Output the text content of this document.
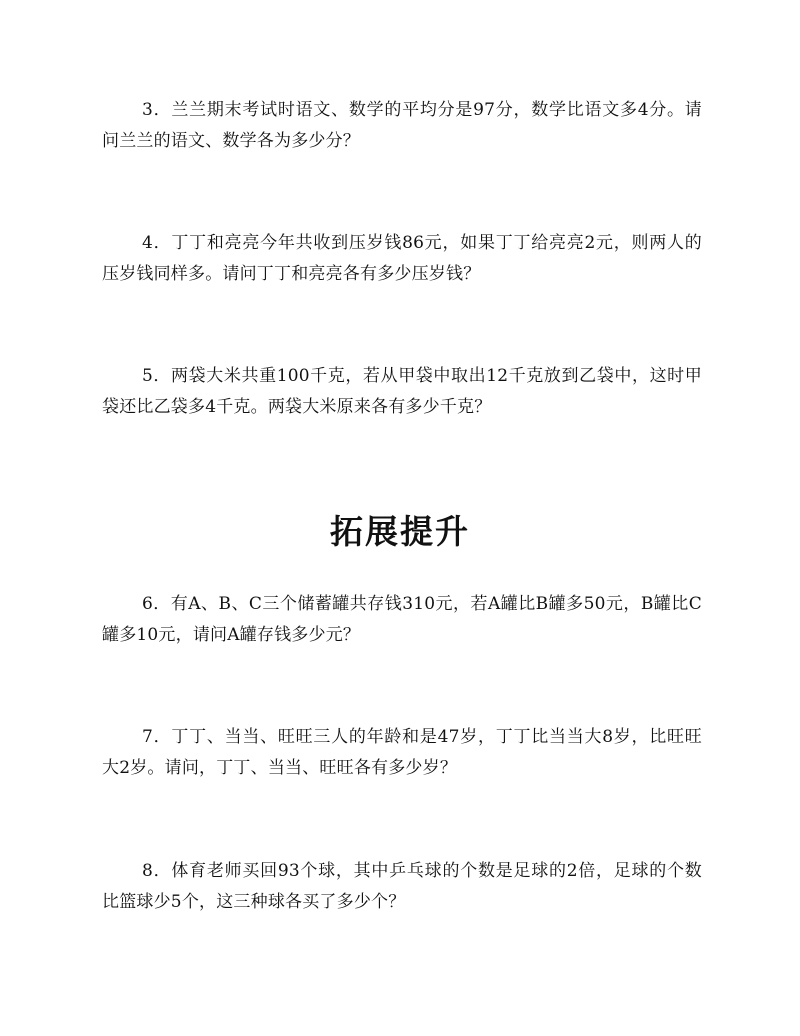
3．兰兰期末考试时语文、数学的平均分是97分，数学比语文多4分。请问兰兰的语文、数学各为多少分？

4．丁丁和亮亮今年共收到压岁钱86元，如果丁丁给亮亮2元，则两人的压岁钱同样多。请问丁丁和亮亮各有多少压岁钱？

5．两袋大米共重100千克，若从甲袋中取出12千克放到乙袋中，这时甲袋还比乙袋多4千克。两袋大米原来各有多少千克？

拓展提升

6．有A、B、C三个储蓄罐共存钱310元，若A罐比B罐多50元，B罐比C罐多10元，请问A罐存钱多少元？

7．丁丁、当当、旺旺三人的年龄和是47岁，丁丁比当当大8岁，比旺旺大2岁。请问，丁丁、当当、旺旺各有多少岁？

8．体育老师买回93个球，其中乒乓球的个数是足球的2倍，足球的个数比篮球少5个，这三种球各买了多少个？
